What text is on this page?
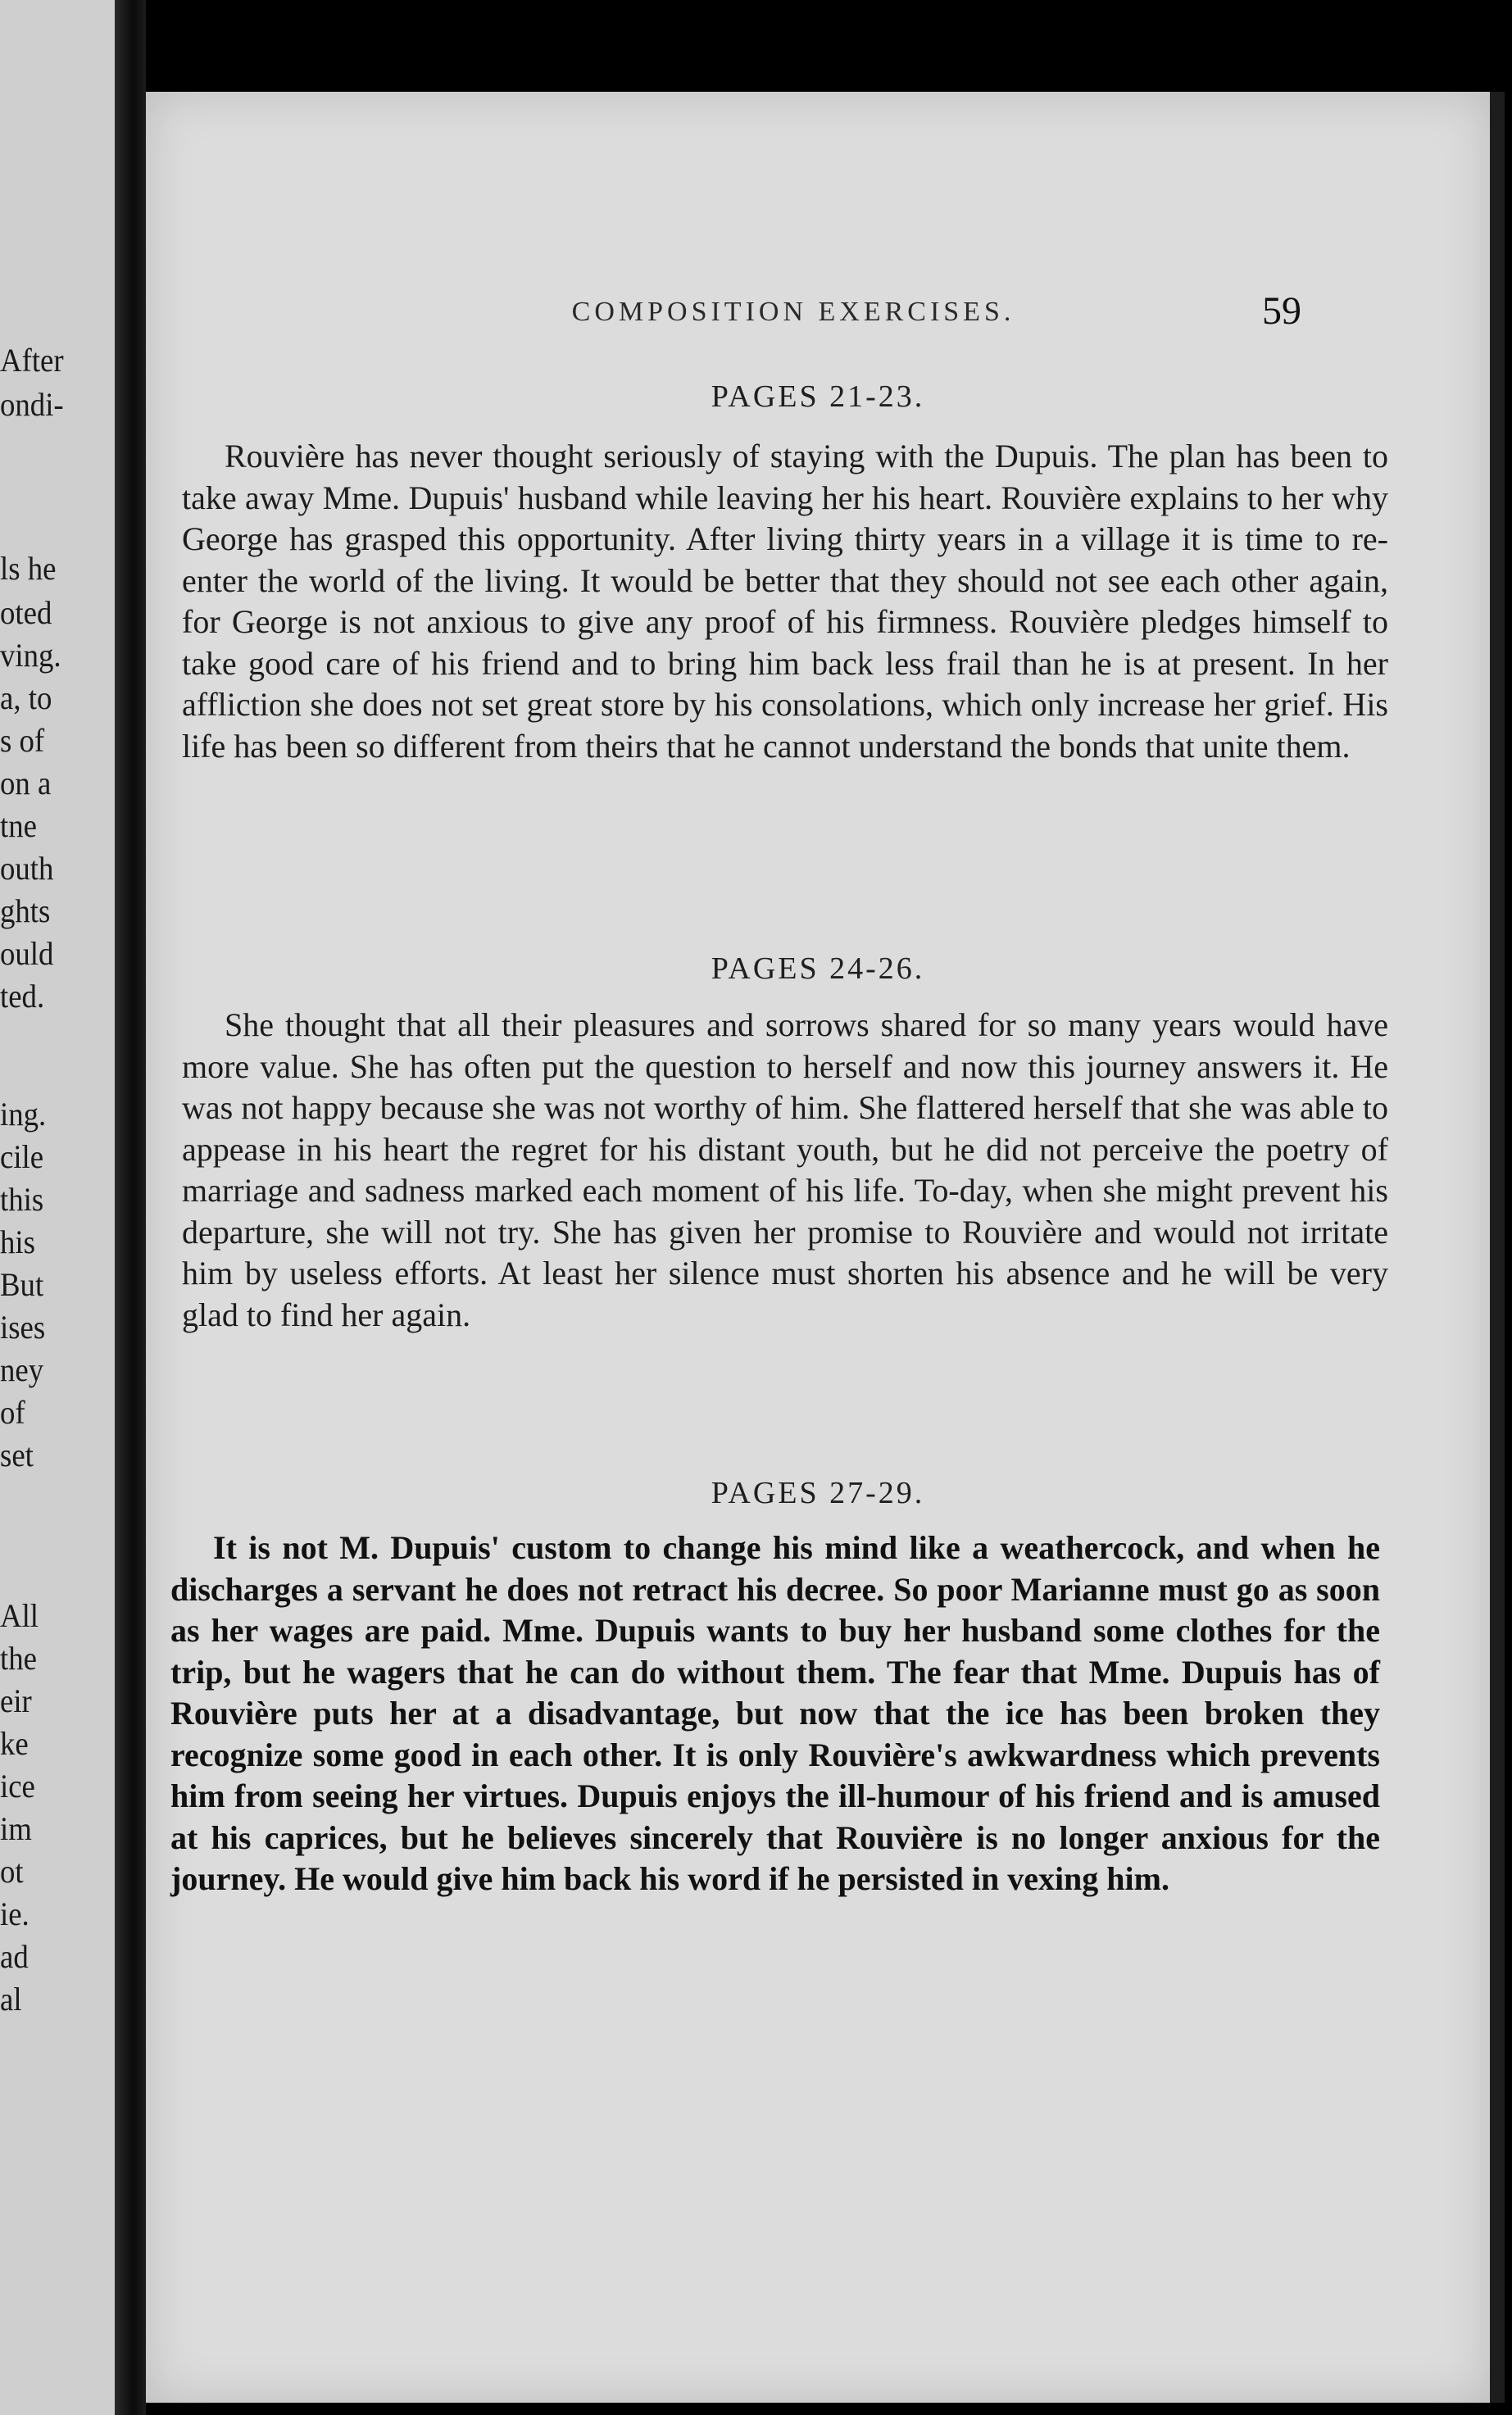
After
ondi-
ls he
oted
ving.
a, to
s of
on a
tne
outh
ghts
ould
ted.
ing.
cile
this
his
But
ises
ney
of
set
All
the
eir
ke
ice
im
ot
ie.
ad
al
COMPOSITION EXERCISES.	59
PAGES 21-23.

Rouvière has never thought seriously of staying with the Dupuis. The plan has been to take away Mme. Dupuis' husband while leaving her his heart. Rouvière explains to her why George has grasped this opportunity. After living thirty years in a village it is time to re-enter the world of the living. It would be better that they should not see each other again, for George is not anxious to give any proof of his firmness. Rouvière pledges himself to take good care of his friend and to bring him back less frail than he is at present. In her affliction she does not set great store by his consolations, which only increase her grief. His life has been so different from theirs that he cannot understand the bonds that unite them.

PAGES 24-26.

She thought that all their pleasures and sorrows shared for so many years would have more value. She has often put the question to herself and now this journey answers it. He was not happy because she was not worthy of him. She flattered herself that she was able to appease in his heart the regret for his distant youth, but he did not perceive the poetry of marriage and sadness marked each moment of his life. To-day, when she might prevent his departure, she will not try. She has given her promise to Rouvière and would not irritate him by useless efforts. At least her silence must shorten his absence and he will be very glad to find her again.

PAGES 27-29.

It is not M. Dupuis' custom to change his mind like a weathercock, and when he discharges a servant he does not retract his decree. So poor Marianne must go as soon as her wages are paid. Mme. Dupuis wants to buy her husband some clothes for the trip, but he wagers that he can do without them. The fear that Mme. Dupuis has of Rouvière puts her at a disadvantage, but now that the ice has been broken they recognize some good in each other. It is only Rouvière's awkwardness which prevents him from seeing her virtues. Dupuis enjoys the ill-humour of his friend and is amused at his caprices, but he believes sincerely that Rouvière is no longer anxious for the journey. He would give him back his word if he persisted in vexing him.
